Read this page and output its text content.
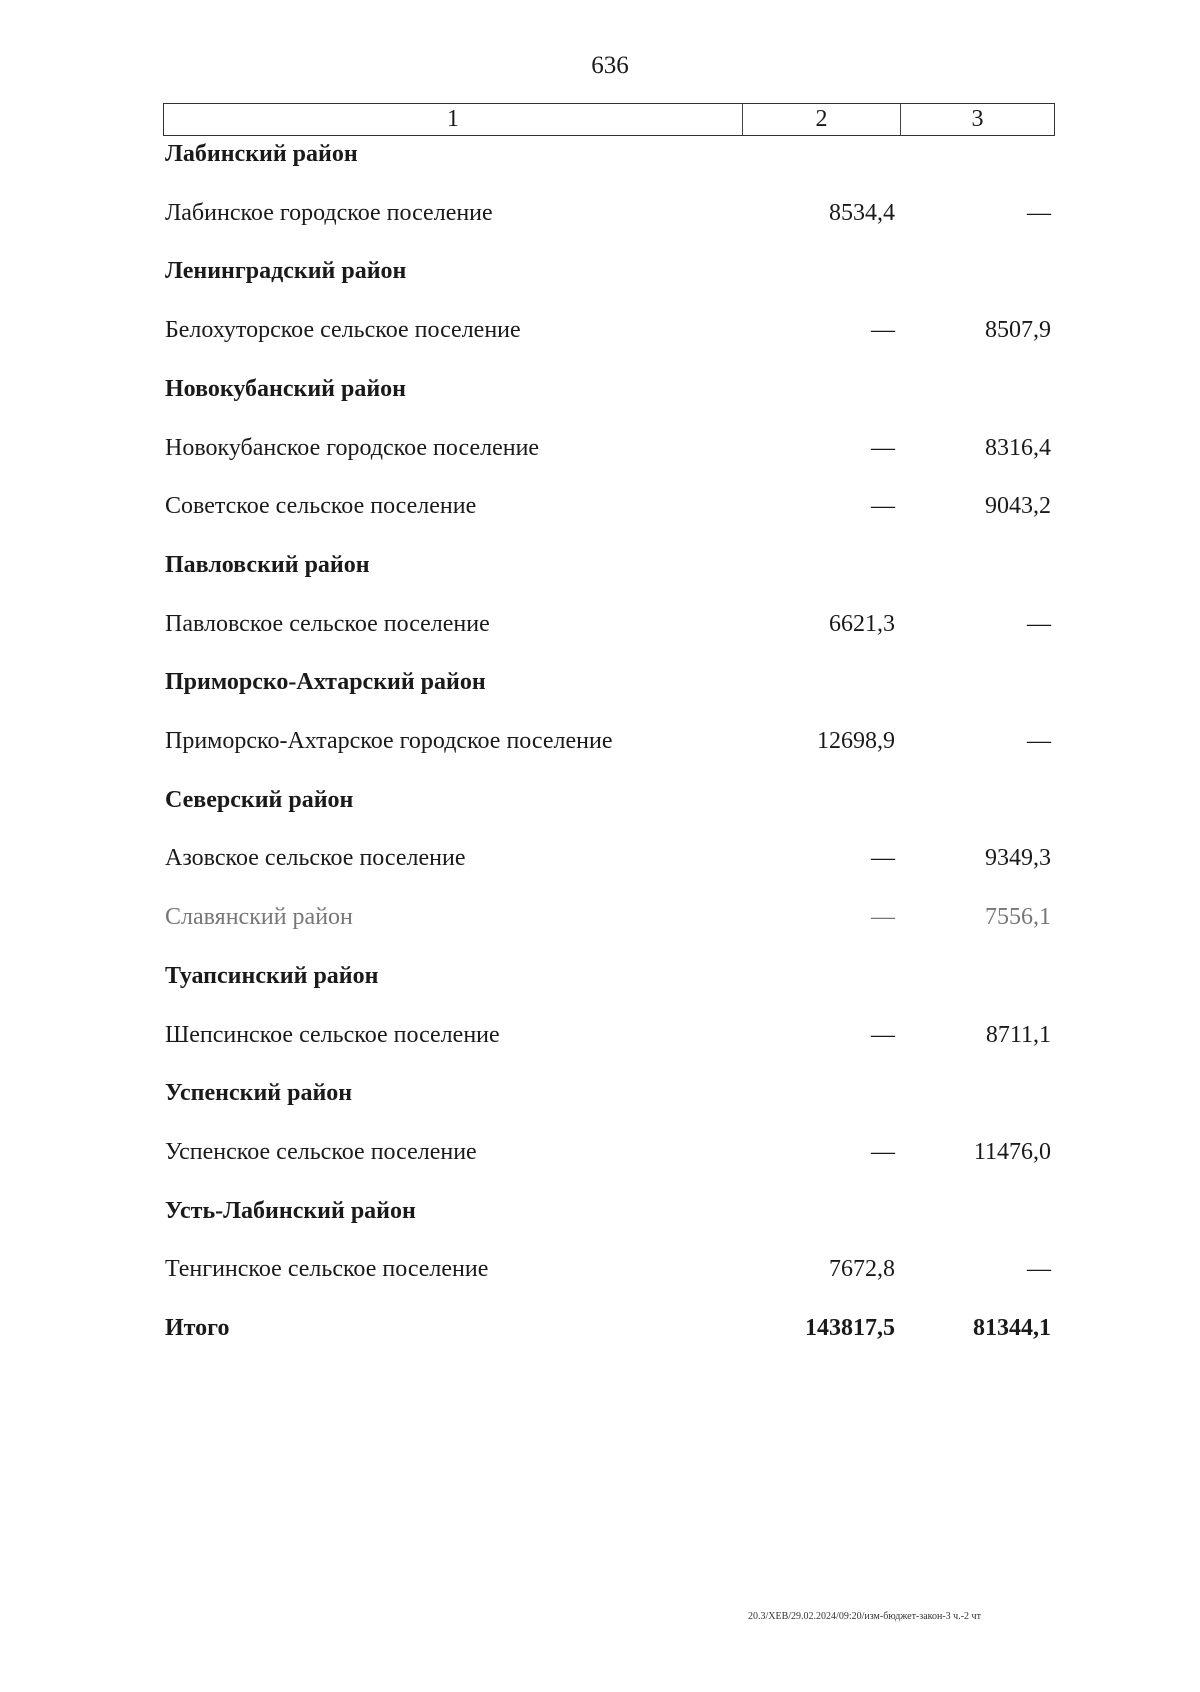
636
1	2	3
Лабинский район
Лабинское городское поселение	8534,4	—
Ленинградский район
Белохуторское сельское поселение	—	8507,9
Новокубанский район
Новокубанское городское поселение	—	8316,4
Советское сельское поселение	—	9043,2
Павловский район
Павловское сельское поселение	6621,3	—
Приморско-Ахтарский район
Приморско-Ахтарское городское поселение	12698,9	—
Северский район
Азовское сельское поселение	—	9349,3
Славянский район	—	7556,1
Туапсинский район
Шепсинское сельское поселение	—	8711,1
Успенский район
Успенское сельское поселение	—	11476,0
Усть-Лабинский район
Тенгинское сельское поселение	7672,8	—
Итого	143817,5	81344,1
20.3/ХЕВ/29.02.2024/09:20/изм-бюджет-закон-3 ч.-2 чт
